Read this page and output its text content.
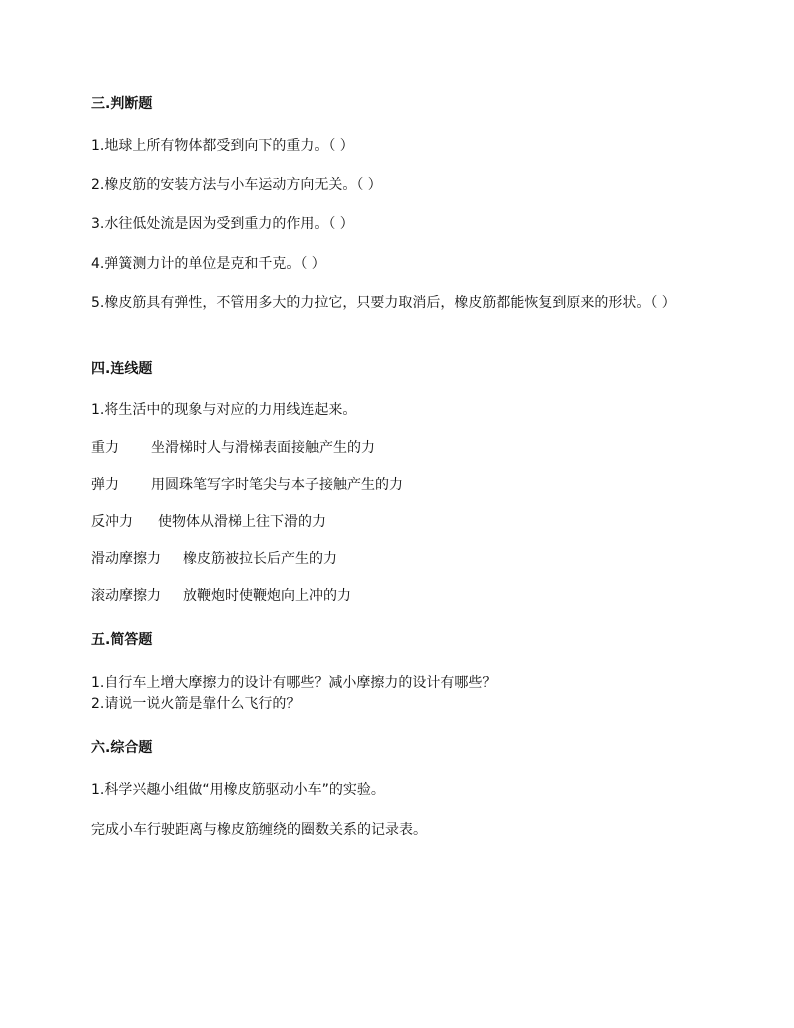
三.判断题
1.地球上所有物体都受到向下的重力。（ ）
2.橡皮筋的安装方法与小车运动方向无关。（ ）
3.水往低处流是因为受到重力的作用。（ ）
4.弹簧测力计的单位是克和千克。（ ）
5.橡皮筋具有弹性，不管用多大的力拉它，只要力取消后，橡皮筋都能恢复到原来的形状。（ ）
四.连线题
1.将生活中的现象与对应的力用线连起来。
重力 坐滑梯时人与滑梯表面接触产生的力
弹力 用圆珠笔写字时笔尖与本子接触产生的力
反冲力 使物体从滑梯上往下滑的力
滑动摩擦力 橡皮筋被拉长后产生的力
滚动摩擦力 放鞭炮时使鞭炮向上冲的力
五.简答题
1.自行车上增大摩擦力的设计有哪些？减小摩擦力的设计有哪些？
2.请说一说火箭是靠什么飞行的？
六.综合题
1.科学兴趣小组做“用橡皮筋驱动小车”的实验。
完成小车行驶距离与橡皮筋缠绕的圈数关系的记录表。
